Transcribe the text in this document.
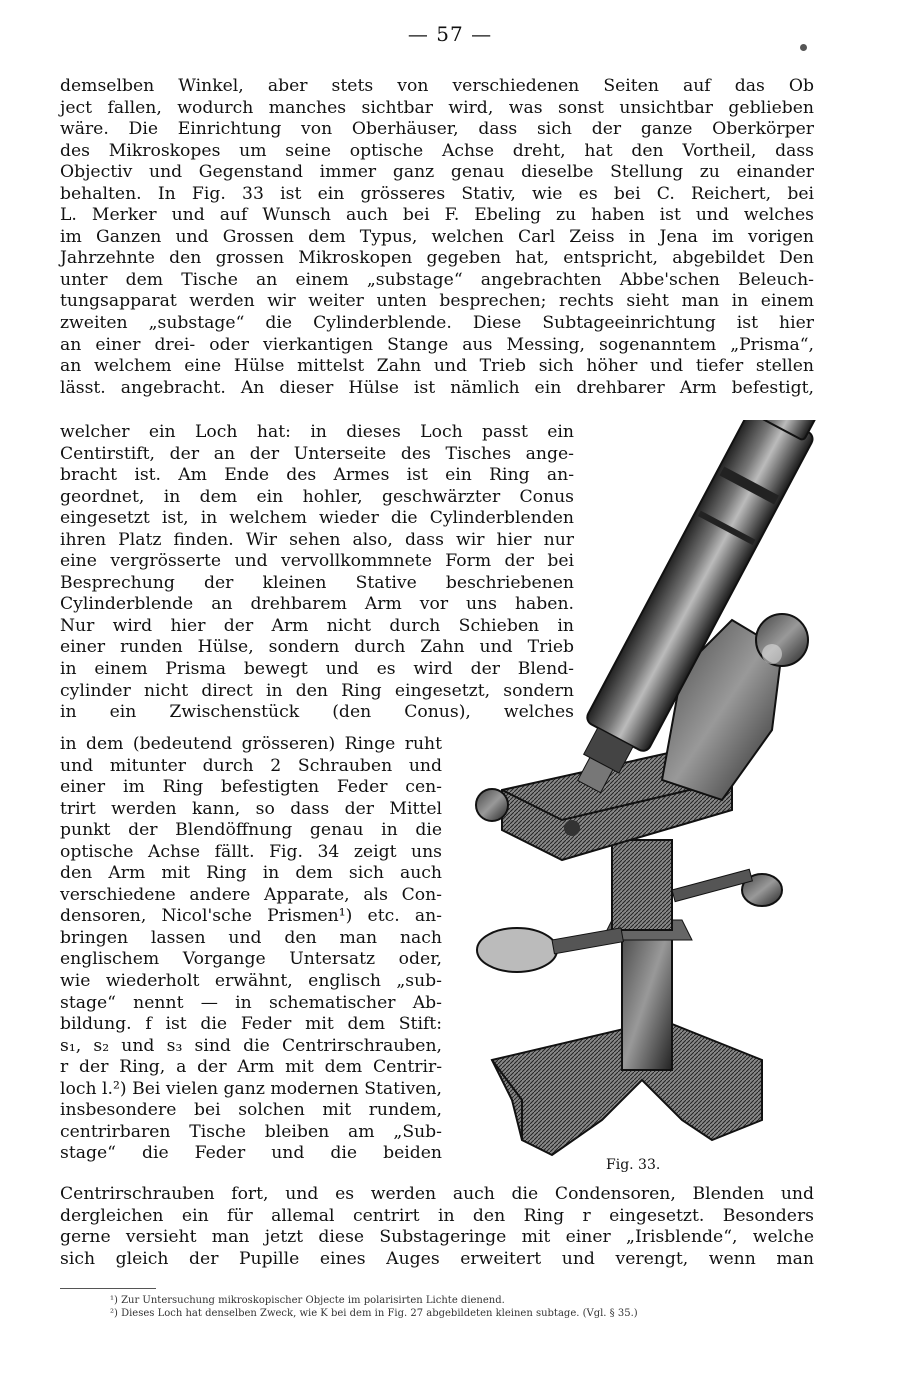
— 57 —
demselben Winkel, aber stets von verschiedenen Seiten auf das Ob
ject fallen, wodurch manches sichtbar wird, was sonst unsichtbar geblieben
wäre. Die Einrichtung von Oberhäuser, dass sich der ganze Oberkörper
des Mikroskopes um seine optische Achse dreht, hat den Vortheil, dass
Objectiv und Gegenstand immer ganz genau dieselbe Stellung zu einander
behalten. In Fig. 33 ist ein grösseres Stativ, wie es bei C. Reichert, bei
L. Merker und auf Wunsch auch bei F. Ebeling zu haben ist und welches
im Ganzen und Grossen dem Typus, welchen Carl Zeiss in Jena im vorigen
Jahrzehnte den grossen Mikroskopen gegeben hat, entspricht, abgebildet Den
unter dem Tische an einem „substage“ angebrachten Abbe'schen Beleuch-
tungsapparat werden wir weiter unten besprechen; rechts sieht man in einem
zweiten „substage“ die Cylinderblende. Diese Subtageeinrichtung ist hier
an einer drei- oder vierkantigen Stange aus Messing, sogenanntem „Prisma“,
an welchem eine Hülse mittelst Zahn und Trieb sich höher und tiefer stellen
lässt. angebracht. An dieser Hülse ist nämlich ein drehbarer Arm befestigt,
welcher ein Loch hat: in dieses Loch passt ein
Centirstift, der an der Unterseite des Tisches ange-
bracht ist. Am Ende des Armes ist ein Ring an-
geordnet, in dem ein hohler, geschwärzter Conus
eingesetzt ist, in welchem wieder die Cylinderblenden
ihren Platz finden. Wir sehen also, dass wir hier nur
eine vergrösserte und vervollkommnete Form der bei
Besprechung der kleinen Stative beschriebenen
Cylinderblende an drehbarem Arm vor uns haben.
Nur wird hier der Arm nicht durch Schieben in
einer runden Hülse, sondern durch Zahn und Trieb
in einem Prisma bewegt und es wird der Blend-
cylinder nicht direct in den Ring eingesetzt, sondern
in ein Zwischenstück (den Conus), welches
in dem (bedeutend grösseren) Ringe ruht
und mitunter durch 2 Schrauben und
einer im Ring befestigten Feder cen-
trirt werden kann, so dass der Mittel
punkt der Blendöffnung genau in die
optische Achse fällt. Fig. 34 zeigt uns
den Arm mit Ring in dem sich auch
verschiedene andere Apparate, als Con-
densoren, Nicol'sche Prismen¹) etc. an-
bringen lassen und den man nach
englischem Vorgange Untersatz oder,
wie wiederholt erwähnt, englisch „sub-
stage“ nennt — in schematischer Ab-
bildung. f ist die Feder mit dem Stift:
s₁, s₂ und s₃ sind die Centrirschrauben,
r der Ring, a der Arm mit dem Centrir-
loch l.²) Bei vielen ganz modernen Stativen,
insbesondere bei solchen mit rundem,
centrirbaren Tische bleiben am „Sub-
stage“ die Feder und die beiden
Fig. 33.
Centrirschrauben fort, und es werden auch die Condensoren, Blenden und
dergleichen ein für allemal centrirt in den Ring r eingesetzt. Besonders
gerne versieht man jetzt diese Substageringe mit einer „Irisblende“, welche
sich gleich der Pupille eines Auges erweitert und verengt, wenn man
¹) Zur Untersuchung mikroskopischer Objecte im polarisirten Lichte dienend.
²) Dieses Loch hat denselben Zweck, wie K bei dem in Fig. 27 abgebildeten kleinen subtage. (Vgl. § 35.)
